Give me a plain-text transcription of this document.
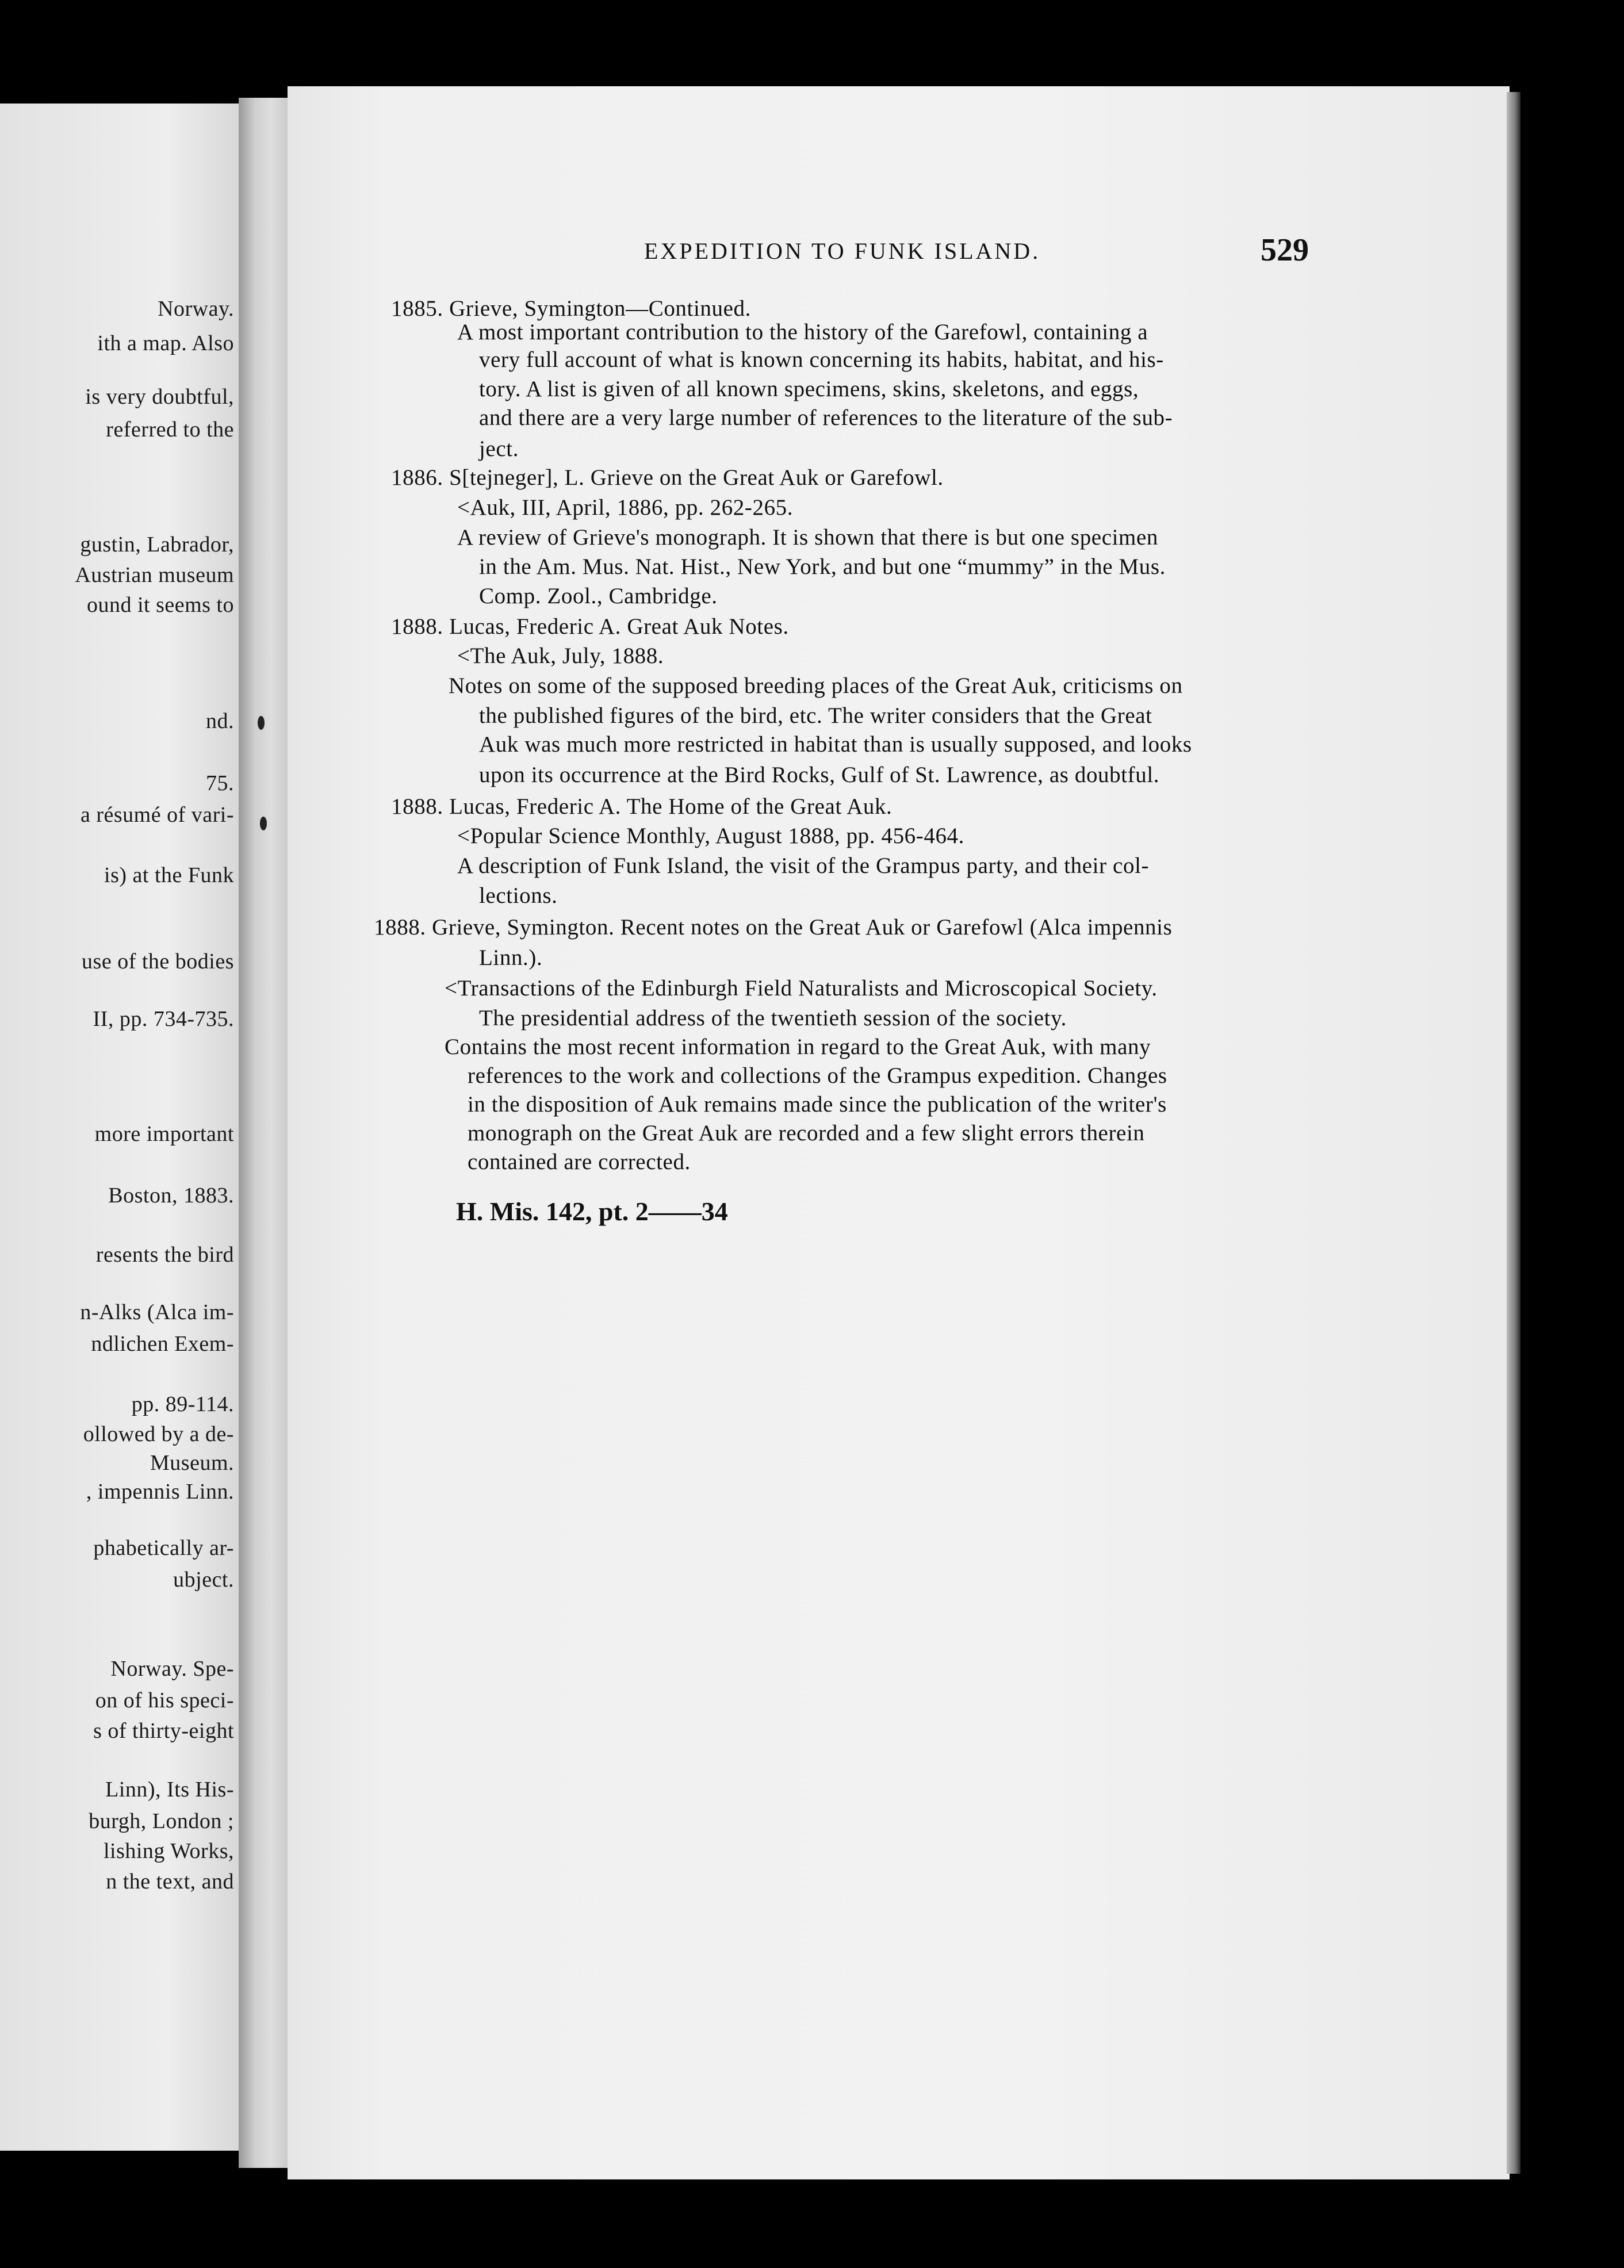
Norway.
ith a map. Also
is very doubtful,
referred to the
gustin, Labrador,
Austrian museum
ound it seems to
nd.
75.
a résumé of vari-
is) at the Funk
use of the bodies
II, pp. 734-735.
more important
Boston, 1883.
resents the bird
n-Alks (Alca im-
ndlichen Exem-
pp. 89-114.
ollowed by a de-
Museum.
, impennis Linn.
phabetically ar-
ubject.
Norway. Spe-
on of his speci-
s of thirty-eight
Linn), Its His-
burgh, London ;
lishing Works,
n the text, and
EXPEDITION TO FUNK ISLAND.	529
1885. Grieve, Symington—Continued.
A most important contribution to the history of the Garefowl, containing a
very full account of what is known concerning its habits, habitat, and his-
tory. A list is given of all known specimens, skins, skeletons, and eggs,
and there are a very large number of references to the literature of the sub-
ject.
1886. S[tejneger], L. Grieve on the Great Auk or Garefowl.
<Auk, III, April, 1886, pp. 262-265.
A review of Grieve's monograph. It is shown that there is but one specimen
in the Am. Mus. Nat. Hist., New York, and but one “mummy” in the Mus.
Comp. Zool., Cambridge.
1888. Lucas, Frederic A. Great Auk Notes.
<The Auk, July, 1888.
Notes on some of the supposed breeding places of the Great Auk, criticisms on
the published figures of the bird, etc. The writer considers that the Great
Auk was much more restricted in habitat than is usually supposed, and looks
upon its occurrence at the Bird Rocks, Gulf of St. Lawrence, as doubtful.
1888. Lucas, Frederic A. The Home of the Great Auk.
<Popular Science Monthly, August 1888, pp. 456-464.
A description of Funk Island, the visit of the Grampus party, and their col-
lections.
1888. Grieve, Symington. Recent notes on the Great Auk or Garefowl (Alca impennis
Linn.).
<Transactions of the Edinburgh Field Naturalists and Microscopical Society.
The presidential address of the twentieth session of the society.
Contains the most recent information in regard to the Great Auk, with many
references to the work and collections of the Grampus expedition. Changes
in the disposition of Auk remains made since the publication of the writer's
monograph on the Great Auk are recorded and a few slight errors therein
contained are corrected.
H. Mis. 142, pt. 2——34
